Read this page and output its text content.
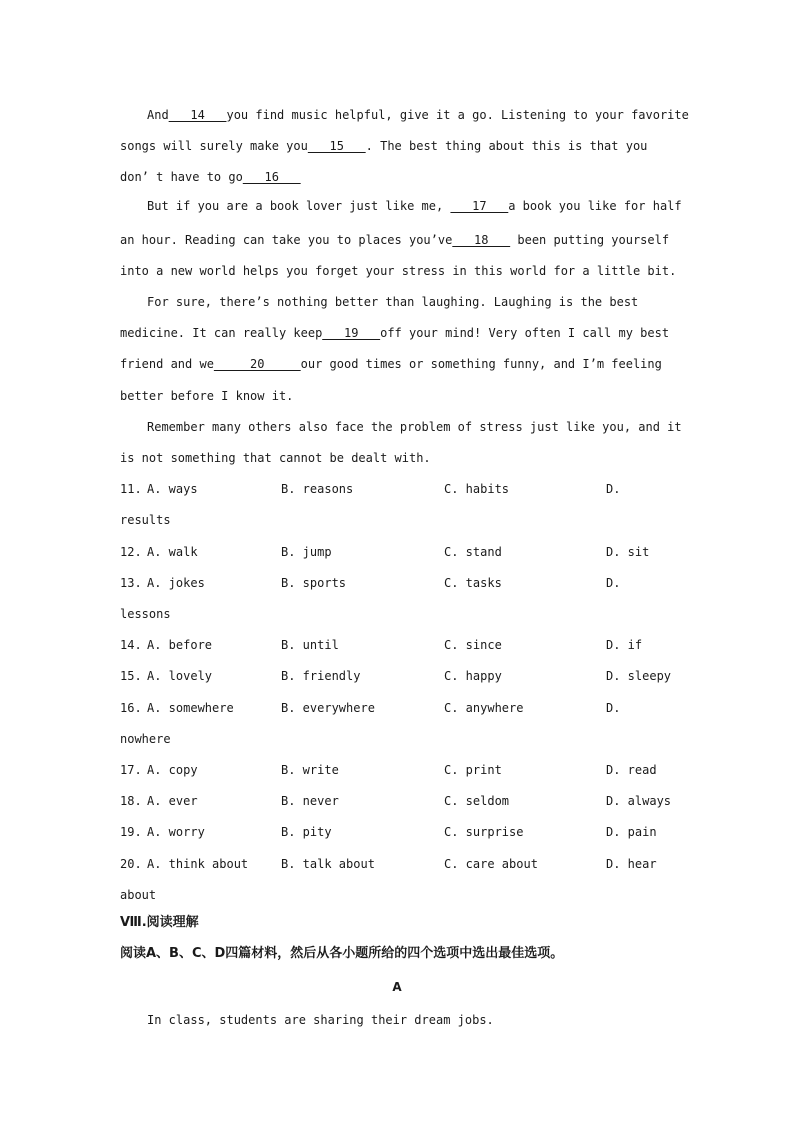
And___14___you find music helpful, give it a go. Listening to your favorite
songs will surely make you___15___. The best thing about this is that you
don’ t have to go___16___
But if you are a book lover just like me, ___17___a book you like for half
an hour. Reading can take you to places you’ve___18___ been putting yourself
into a new world helps you forget your stress in this world for a little bit.
For sure, there’s nothing better than laughing. Laughing is the best
medicine. It can really keep___19___off your mind! Very often I call my best
friend and we_____20_____our good times or something funny, and I’m feeling
better before I know it.
Remember many others also face the problem of stress just like you, and it
is not something that cannot be dealt with.
11. A. ways	B. reasons	C. habits	D.
results
12. A. walk	B. jump	C. stand	D. sit
13. A. jokes	B. sports	C. tasks	D.
lessons
14. A. before	B. until	C. since	D. if
15. A. lovely	B. friendly	C. happy	D. sleepy
16. A. somewhere	B. everywhere	C. anywhere	D.
nowhere
17. A. copy	B. write	C. print	D. read
18. A. ever	B. never	C. seldom	D. always
19. A. worry	B. pity	C. surprise	D. pain
20. A. think about	B. talk about	C. care about	D. hear
about
Ⅷ.阅读理解
阅读A、B、C、D四篇材料，然后从各小题所给的四个选项中选出最佳选项。
A
In class, students are sharing their dream jobs.
